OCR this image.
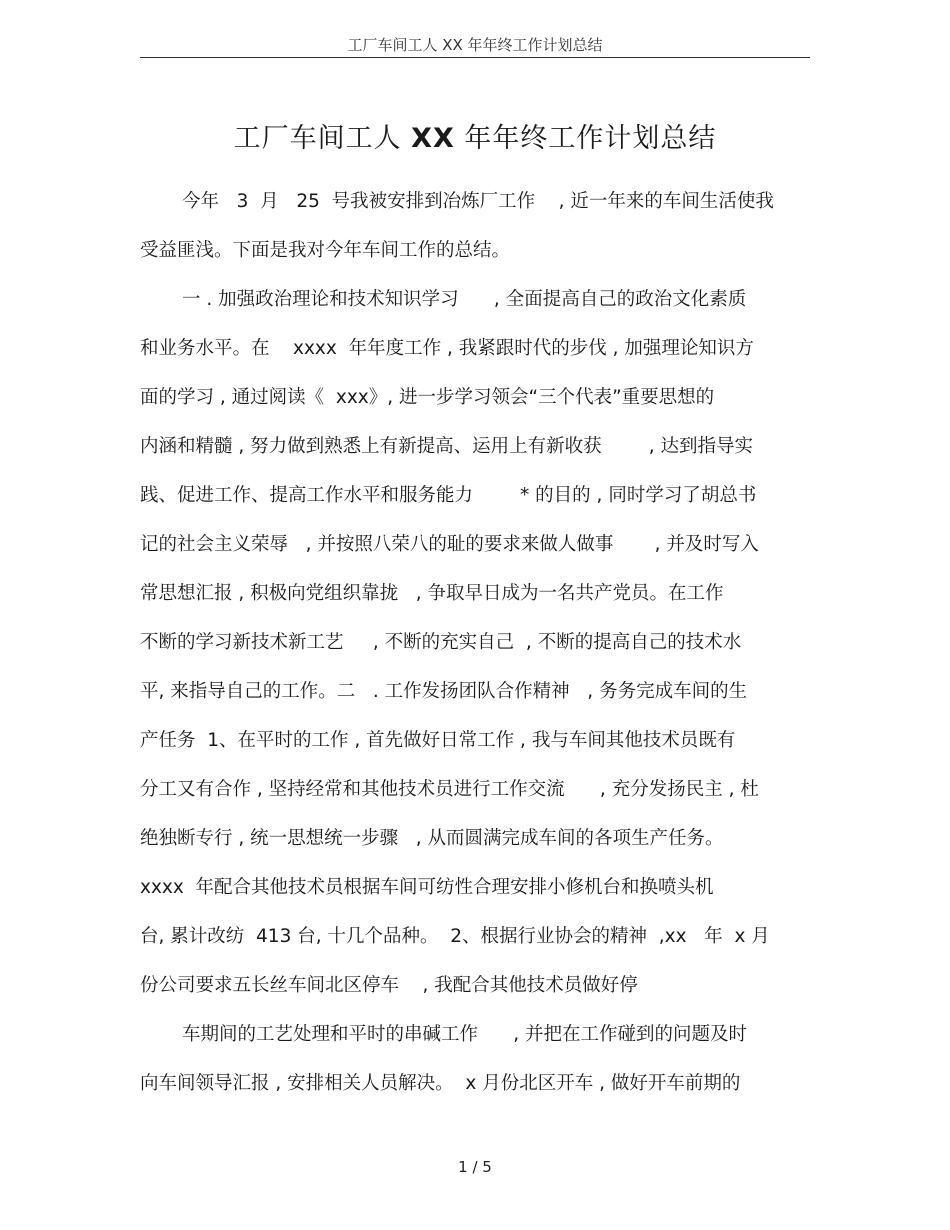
工厂车间工人 XX 年年终工作计划总结
工厂车间工人 XX 年年终工作计划总结
今年   3  月   25  号我被安排到冶炼厂工作    , 近一年来的车间生活使我
受益匪浅。下面是我对今年车间工作的总结。
一 . 加强政治理论和技术知识学习      , 全面提高自己的政治文化素质
和业务水平。在    xxxx  年年度工作 , 我紧跟时代的步伐 , 加强理论知识方
面的学习 , 通过阅读《  xxx》, 进一步学习领会“三个代表”重要思想的
内涵和精髓 , 努力做到熟悉上有新提高、运用上有新收获        , 达到指导实
践、促进工作、提高工作水平和服务能力        * 的目的 , 同时学习了胡总书
记的社会主义荣辱   , 并按照八荣八的耻的要求来做人做事       , 并及时写入
常思想汇报 , 积极向党组织靠拢   , 争取早日成为一名共产党员。在工作
不断的学习新技术新工艺     , 不断的充实自己  , 不断的提高自己的技术水
平, 来指导自己的工作。二   . 工作发扬团队合作精神   , 务务完成车间的生
产任务  1、在平时的工作 , 首先做好日常工作 , 我与车间其他技术员既有
分工又有合作 , 坚持经常和其他技术员进行工作交流      , 充分发扬民主 , 杜
绝独断专行 , 统一思想统一步骤   , 从而圆满完成车间的各项生产任务。
xxxx  年配合其他技术员根据车间可纺性合理安排小修机台和换喷头机
台, 累计改纺  413 台, 十几个品种。  2、根据行业协会的精神  ,xx   年  x 月
份公司要求五长丝车间北区停车    , 我配合其他技术员做好停
车期间的工艺处理和平时的串碱工作      , 并把在工作碰到的问题及时
向车间领导汇报 , 安排相关人员解决。  x 月份北区开车 , 做好开车前期的
1 / 5
